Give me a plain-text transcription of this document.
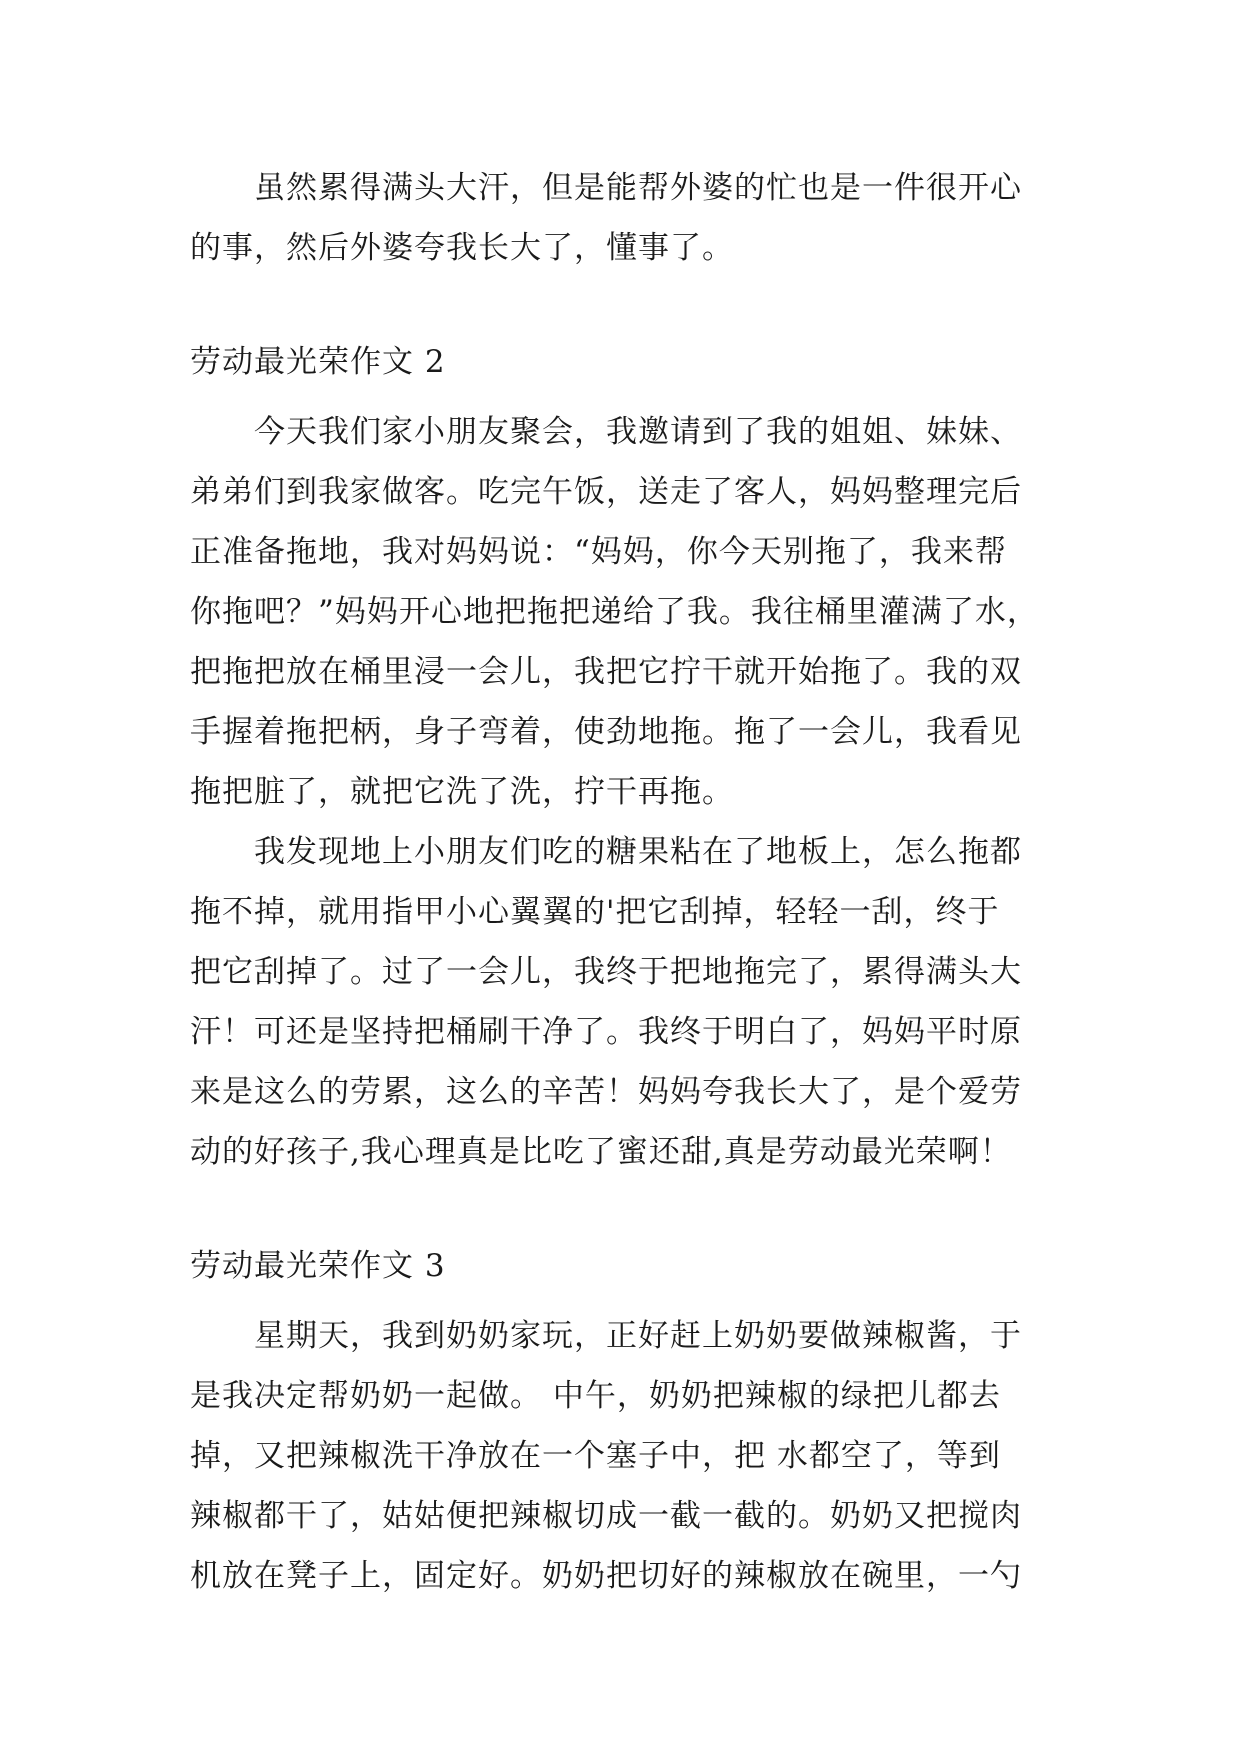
虽然累得满头大汗，但是能帮外婆的忙也是一件很开心
的事，然后外婆夸我长大了，懂事了。
劳动最光荣作文 2
今天我们家小朋友聚会，我邀请到了我的姐姐、妹妹、
弟弟们到我家做客。吃完午饭，送走了客人，妈妈整理完后
正准备拖地，我对妈妈说：“妈妈，你今天别拖了，我来帮
你拖吧？”妈妈开心地把拖把递给了我。我往桶里灌满了水，
把拖把放在桶里浸一会儿，我把它拧干就开始拖了。我的双
手握着拖把柄，身子弯着，使劲地拖。拖了一会儿，我看见
拖把脏了，就把它洗了洗，拧干再拖。
我发现地上小朋友们吃的糖果粘在了地板上，怎么拖都
拖不掉，就用指甲小心翼翼的'把它刮掉，轻轻一刮，终于
把它刮掉了。过了一会儿，我终于把地拖完了，累得满头大
汗！可还是坚持把桶刷干净了。我终于明白了，妈妈平时原
来是这么的劳累，这么的辛苦！妈妈夸我长大了，是个爱劳
动的好孩子,我心理真是比吃了蜜还甜,真是劳动最光荣啊！
劳动最光荣作文 3
星期天，我到奶奶家玩，正好赶上奶奶要做辣椒酱，于
是我决定帮奶奶一起做。 中午，奶奶把辣椒的绿把儿都去
掉，又把辣椒洗干净放在一个塞子中，把 水都空了，等到
辣椒都干了，姑姑便把辣椒切成一截一截的。奶奶又把搅肉
机放在凳子上，固定好。奶奶把切好的辣椒放在碗里，一勺
